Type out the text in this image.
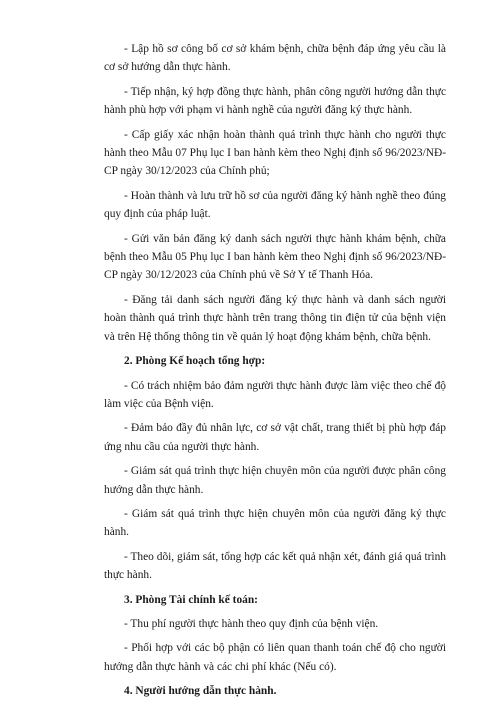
- Lập hồ sơ công bố cơ sở khám bệnh, chữa bệnh đáp ứng yêu cầu là cơ sở hướng dẫn thực hành.

- Tiếp nhận, ký hợp đồng thực hành, phân công người hướng dẫn thực hành phù hợp với phạm vi hành nghề của người đăng ký thực hành.

- Cấp giấy xác nhận hoàn thành quá trình thực hành cho người thực hành theo Mẫu 07 Phụ lục I ban hành kèm theo Nghị định số 96/2023/NĐ-CP ngày 30/12/2023 của Chính phủ;

- Hoàn thành và lưu trữ hồ sơ của người đăng ký hành nghề theo đúng quy định của pháp luật.

- Gửi văn bản đăng ký danh sách người thực hành khám bệnh, chữa bệnh theo Mẫu 05 Phụ lục I ban hành kèm theo Nghị định số 96/2023/NĐ-CP ngày 30/12/2023 của Chính phủ về Sở Y tế Thanh Hóa.

- Đăng tải danh sách người đăng ký thực hành và danh sách người hoàn thành quá trình thực hành trên trang thông tin điện tử của bệnh viện và trên Hệ thống thông tin về quản lý hoạt động khám bệnh, chữa bệnh.

2. Phòng Kế hoạch tổng hợp:

- Có trách nhiệm bảo đảm người thực hành được làm việc theo chế độ làm việc của Bệnh viện.

- Đảm bảo đầy đủ nhân lực, cơ sở vật chất, trang thiết bị phù hợp đáp ứng nhu cầu của người thực hành.

- Giám sát quá trình thực hiện chuyên môn của người được phân công hướng dẫn thực hành.

- Giám sát quá trình thực hiện chuyên môn của người đăng ký thực hành.

- Theo dõi, giám sát, tổng hợp các kết quả nhận xét, đánh giá quá trình thực hành.

3. Phòng Tài chính kế toán:

- Thu phí người thực hành theo quy định của bệnh viện.

- Phối hợp với các bộ phận có liên quan thanh toán chế độ cho người hướng dẫn thực hành và các chi phí khác (Nếu có).

4. Người hướng dẫn thực hành.
